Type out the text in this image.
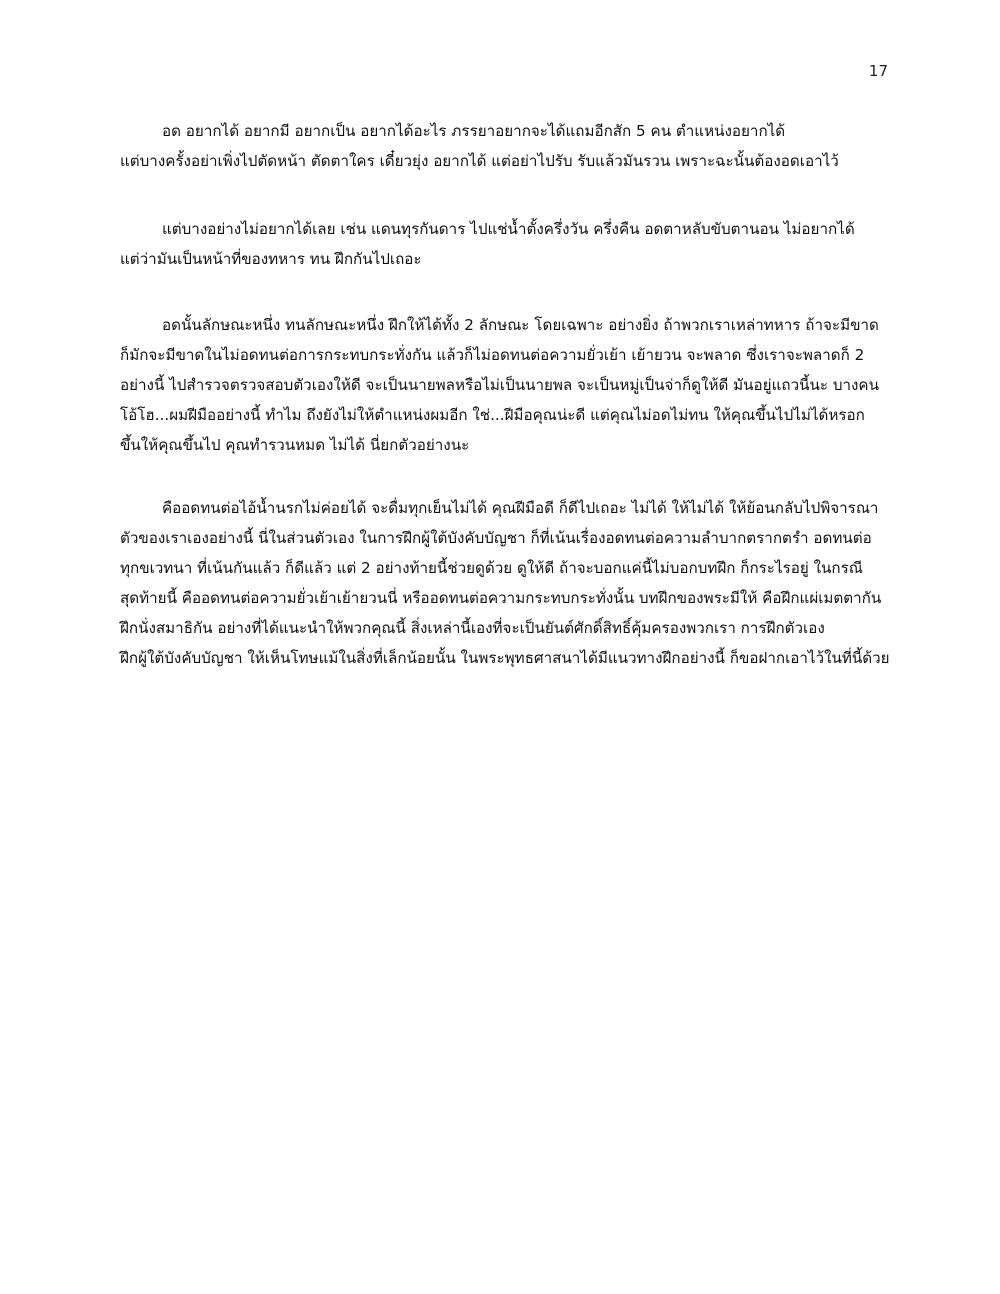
17
อด อยากได้ อยากมี อยากเป็น อยากได้อะไร ภรรยาอยากจะได้แถมอีกสัก 5 คน ตำแหน่งอยากได้
แต่บางครั้งอย่าเพิ่งไปตัดหน้า ตัดตาใคร เดี๋ยวยุ่ง อยากได้ แต่อย่าไปรับ รับแล้วมันรวน เพราะฉะนั้นต้องอดเอาไว้
แต่บางอย่างไม่อยากได้เลย เช่น แดนทุรกันดาร ไปแช่น้ำตั้งครึ่งวัน ครึ่งคืน อดตาหลับขับตานอน ไม่อยากได้
แต่ว่ามันเป็นหน้าที่ของทหาร ทน ฝึกกันไปเถอะ
อดนั้นลักษณะหนึ่ง ทนลักษณะหนึ่ง ฝึกให้ได้ทั้ง 2 ลักษณะ โดยเฉพาะ อย่างยิ่ง ถ้าพวกเราเหล่าทหาร ถ้าจะมีขาด
ก็มักจะมีขาดในไม่อดทนต่อการกระทบกระทั่งกัน แล้วก็ไม่อดทนต่อความยั่วเย้า เย้ายวน จะพลาด ซึ่งเราจะพลาดก็ 2
อย่างนี้ ไปสำรวจตรวจสอบตัวเองให้ดี จะเป็นนายพลหรือไม่เป็นนายพล จะเป็นหมู่เป็นจ่าก็ดูให้ดี มันอยู่แถวนี้นะ บางคน
โอ้โฮ...ผมฝีมืออย่างนี้ ทำไม ถึงยังไม่ให้ตำแหน่งผมอีก ใช่...ฝีมือคุณน่ะดี แต่คุณไม่อดไม่ทน ให้คุณขึ้นไปไม่ได้หรอก
ขึ้นให้คุณขึ้นไป คุณทำรวนหมด ไม่ได้ นี่ยกตัวอย่างนะ
คืออดทนต่อไอ้น้ำนรกไม่ค่อยได้ จะดื่มทุกเย็นไม่ได้ คุณฝีมือดี ก็ดีไปเถอะ ไม่ได้ ให้ไม่ได้ ให้ย้อนกลับไปพิจารณา
ตัวของเราเองอย่างนี้ นี่ในส่วนตัวเอง ในการฝึกผู้ใต้บังคับบัญชา ก็ที่เน้นเรื่องอดทนต่อความลำบากตรากตรำ อดทนต่อ
ทุกขเวทนา ที่เน้นกันแล้ว ก็ดีแล้ว แต่ 2 อย่างท้ายนี้ช่วยดูด้วย ดูให้ดี ถ้าจะบอกแค่นี้ไม่บอกบทฝึก ก็กระไรอยู่ ในกรณี
สุดท้ายนี้ คืออดทนต่อความยั่วเย้าเย้ายวนนี่ หรืออดทนต่อความกระทบกระทั่งนั้น บทฝึกของพระมีให้ คือฝึกแผ่เมตตากัน
ฝึกนั่งสมาธิกัน อย่างที่ได้แนะนำให้พวกคุณนี้ สิ่งเหล่านี้เองที่จะเป็นยันต์ศักดิ์สิทธิ์คุ้มครองพวกเรา การฝึกตัวเอง
ฝึกผู้ใต้บังคับบัญชา ให้เห็นโทษแม้ในสิ่งที่เล็กน้อยนั้น ในพระพุทธศาสนาได้มีแนวทางฝึกอย่างนี้ ก็ขอฝากเอาไว้ในที่นี้ด้วย
